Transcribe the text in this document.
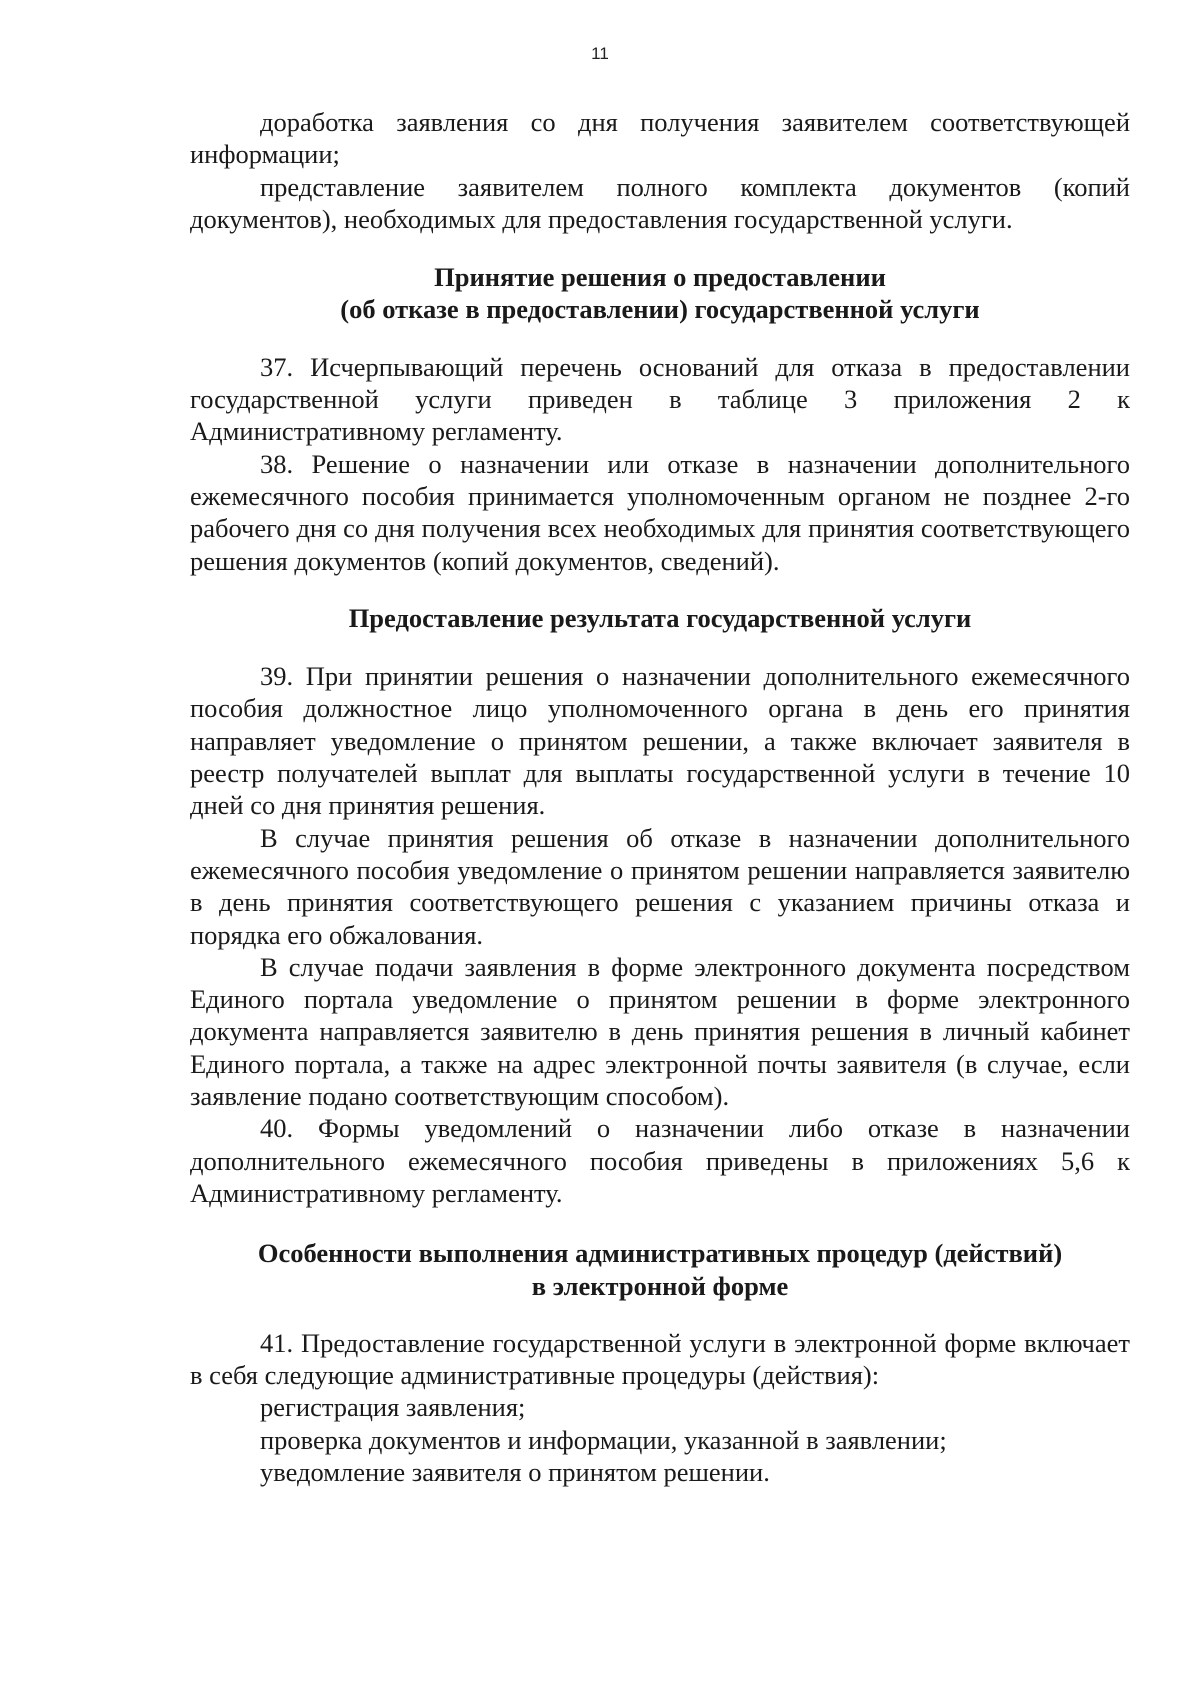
11

доработка заявления со дня получения заявителем соответствующей информации;

представление заявителем полного комплекта документов (копий документов), необходимых для предоставления государственной услуги.

Принятие решения о предоставлении
(об отказе в предоставлении) государственной услуги

37. Исчерпывающий перечень оснований для отказа в предоставлении государственной услуги приведен в таблице 3 приложения 2 к Административному регламенту.

38. Решение о назначении или отказе в назначении дополнительного ежемесячного пособия принимается уполномоченным органом не позднее 2-го рабочего дня со дня получения всех необходимых для принятия соответствующего решения документов (копий документов, сведений).

Предоставление результата государственной услуги

39. При принятии решения о назначении дополнительного ежемесячного пособия должностное лицо уполномоченного органа в день его принятия направляет уведомление о принятом решении, а также включает заявителя в реестр получателей выплат для выплаты государственной услуги в течение 10 дней со дня принятия решения.

В случае принятия решения об отказе в назначении дополнительного ежемесячного пособия уведомление о принятом решении направляется заявителю в день принятия соответствующего решения с указанием причины отказа и порядка его обжалования.

В случае подачи заявления в форме электронного документа посредством Единого портала уведомление о принятом решении в форме электронного документа направляется заявителю в день принятия решения в личный кабинет Единого портала, а также на адрес электронной почты заявителя (в случае, если заявление подано соответствующим способом).

40. Формы уведомлений о назначении либо отказе в назначении дополнительного ежемесячного пособия приведены в приложениях 5,6 к Административному регламенту.

Особенности выполнения административных процедур (действий)
в электронной форме

41. Предоставление государственной услуги в электронной форме включает в себя следующие административные процедуры (действия):

регистрация заявления;

проверка документов и информации, указанной в заявлении;

уведомление заявителя о принятом решении.
